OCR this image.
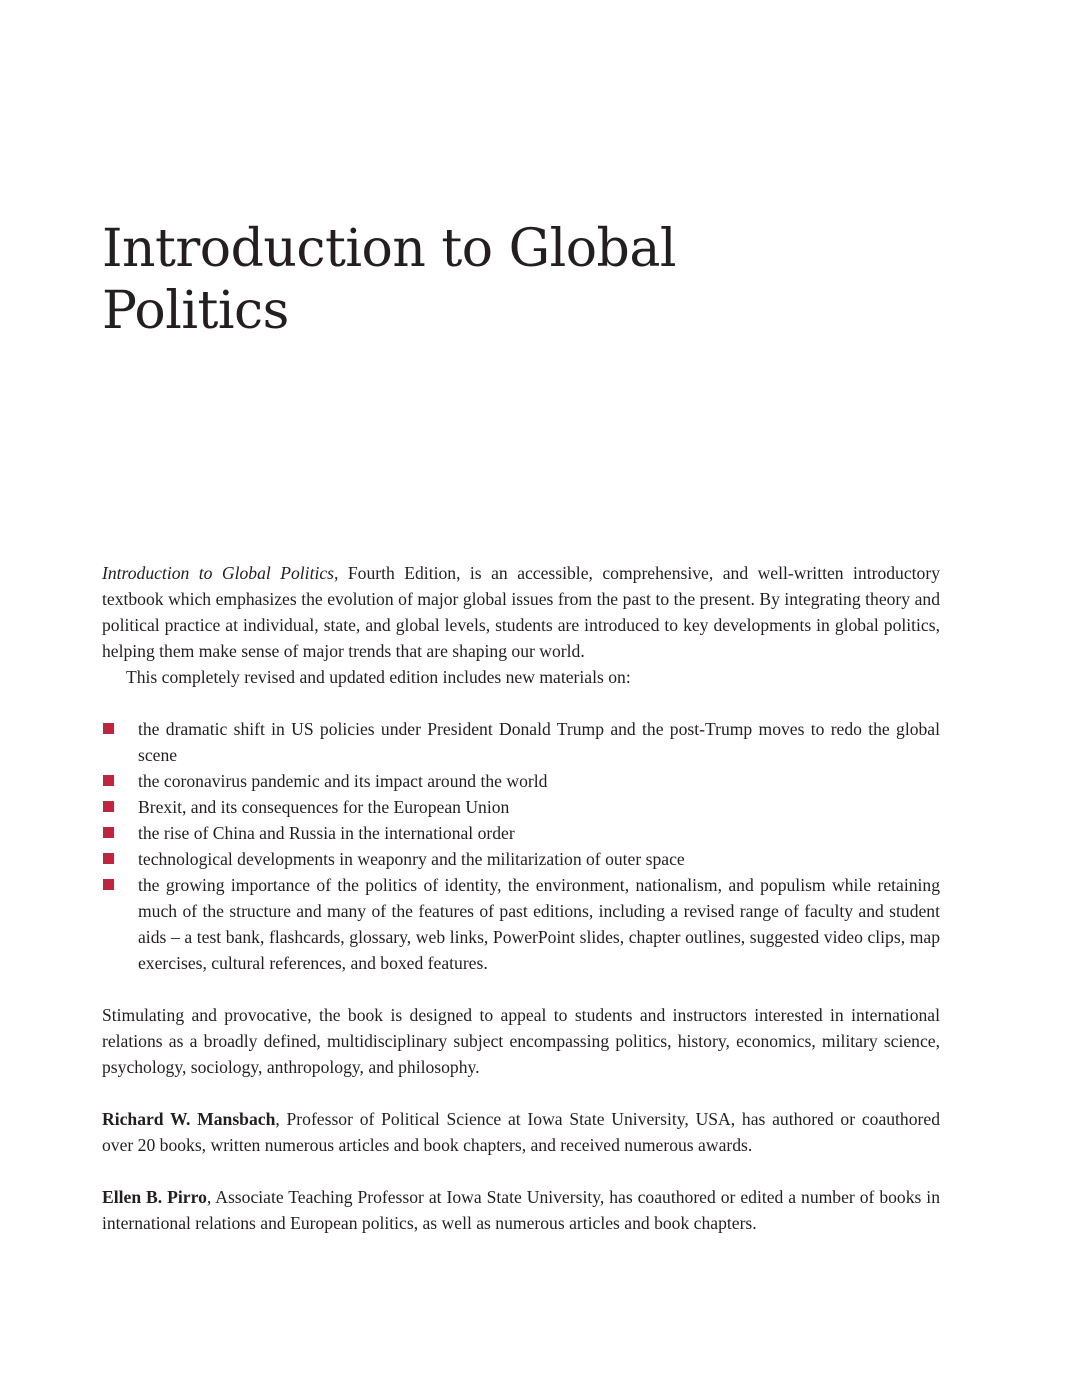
Introduction to Global
Politics

Introduction to Global Politics, Fourth Edition, is an accessible, comprehensive, and well-written introductory textbook which emphasizes the evolution of major global issues from the past to the present. By integrating theory and political practice at individual, state, and global levels, students are introduced to key developments in global politics, helping them make sense of major trends that are shaping our world.

This completely revised and updated edition includes new materials on:

the dramatic shift in US policies under President Donald Trump and the post-Trump moves to redo the global scene
the coronavirus pandemic and its impact around the world
Brexit, and its consequences for the European Union
the rise of China and Russia in the international order
technological developments in weaponry and the militarization of outer space
the growing importance of the politics of identity, the environment, nationalism, and populism while retaining much of the structure and many of the features of past editions, including a revised range of faculty and student aids – a test bank, flashcards, glossary, web links, PowerPoint slides, chapter outlines, suggested video clips, map exercises, cultural references, and boxed features.

Stimulating and provocative, the book is designed to appeal to students and instructors interested in international relations as a broadly defined, multidisciplinary subject encompassing politics, history, economics, military science, psychology, sociology, anthropology, and philosophy.

Richard W. Mansbach, Professor of Political Science at Iowa State University, USA, has authored or coauthored over 20 books, written numerous articles and book chapters, and received numerous awards.

Ellen B. Pirro, Associate Teaching Professor at Iowa State University, has coauthored or edited a number of books in international relations and European politics, as well as numerous articles and book chapters.
